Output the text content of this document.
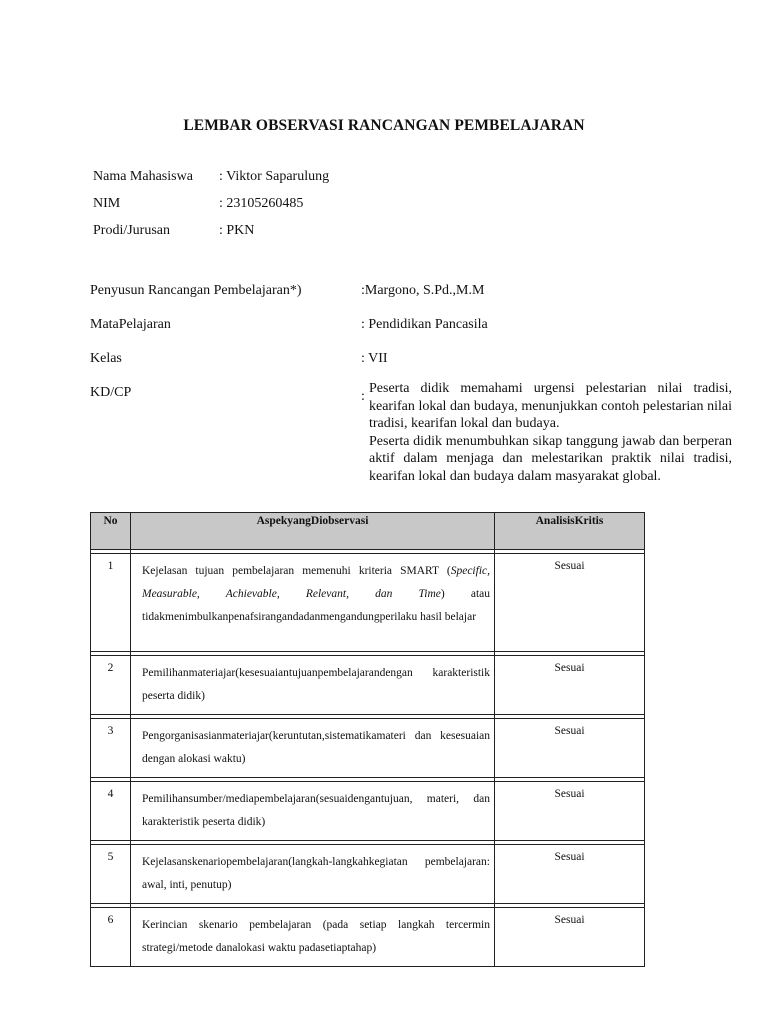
LEMBAR OBSERVASI RANCANGAN PEMBELAJARAN
Nama Mahasiswa : Viktor Saparulung
NIM	: 23105260485
Prodi/Jurusan	: PKN
Penyusun Rancangan Pembelajaran*)	:Margono, S.Pd.,M.M
MataPelajaran	: Pendidikan Pancasila
Kelas	: VII
KD/CP	:

Peserta didik memahami urgensi pelestarian nilai tradisi, kearifan lokal dan budaya, menunjukkan contoh pelestarian nilai tradisi, kearifan lokal dan budaya.

Peserta didik menumbuhkan sikap tanggung jawab dan berperan aktif dalam menjaga dan melestarikan praktik nilai tradisi, kearifan lokal dan budaya dalam masyarakat global.

No	AspekyangDiobservasi	AnalisisKritis

1	Kejelasan tujuan pembelajaran memenuhi kriteria SMART (Specific, Measurable, Achievable, Relevant, dan Time) atau tidakmenimbulkanpenafsirangandadanmengandungperilaku hasil belajar	Sesuai

2	Pemilihanmateriajar(kesesuaiantujuanpembelajarandengan karakteristik peserta didik)	Sesuai

3	Pengorganisasianmateriajar(keruntutan,sistematikamateri dan kesesuaian dengan alokasi waktu)	Sesuai

4	Pemilihansumber/mediapembelajaran(sesuaidengantujuan, materi, dan karakteristik peserta didik)	Sesuai

5	Kejelasanskenariopembelajaran(langkah-langkahkegiatan pembelajaran: awal, inti, penutup)	Sesuai

6	Kerincian skenario pembelajaran (pada setiap langkah tercermin strategi/metode danalokasi waktu padasetiaptahap)	Sesuai
